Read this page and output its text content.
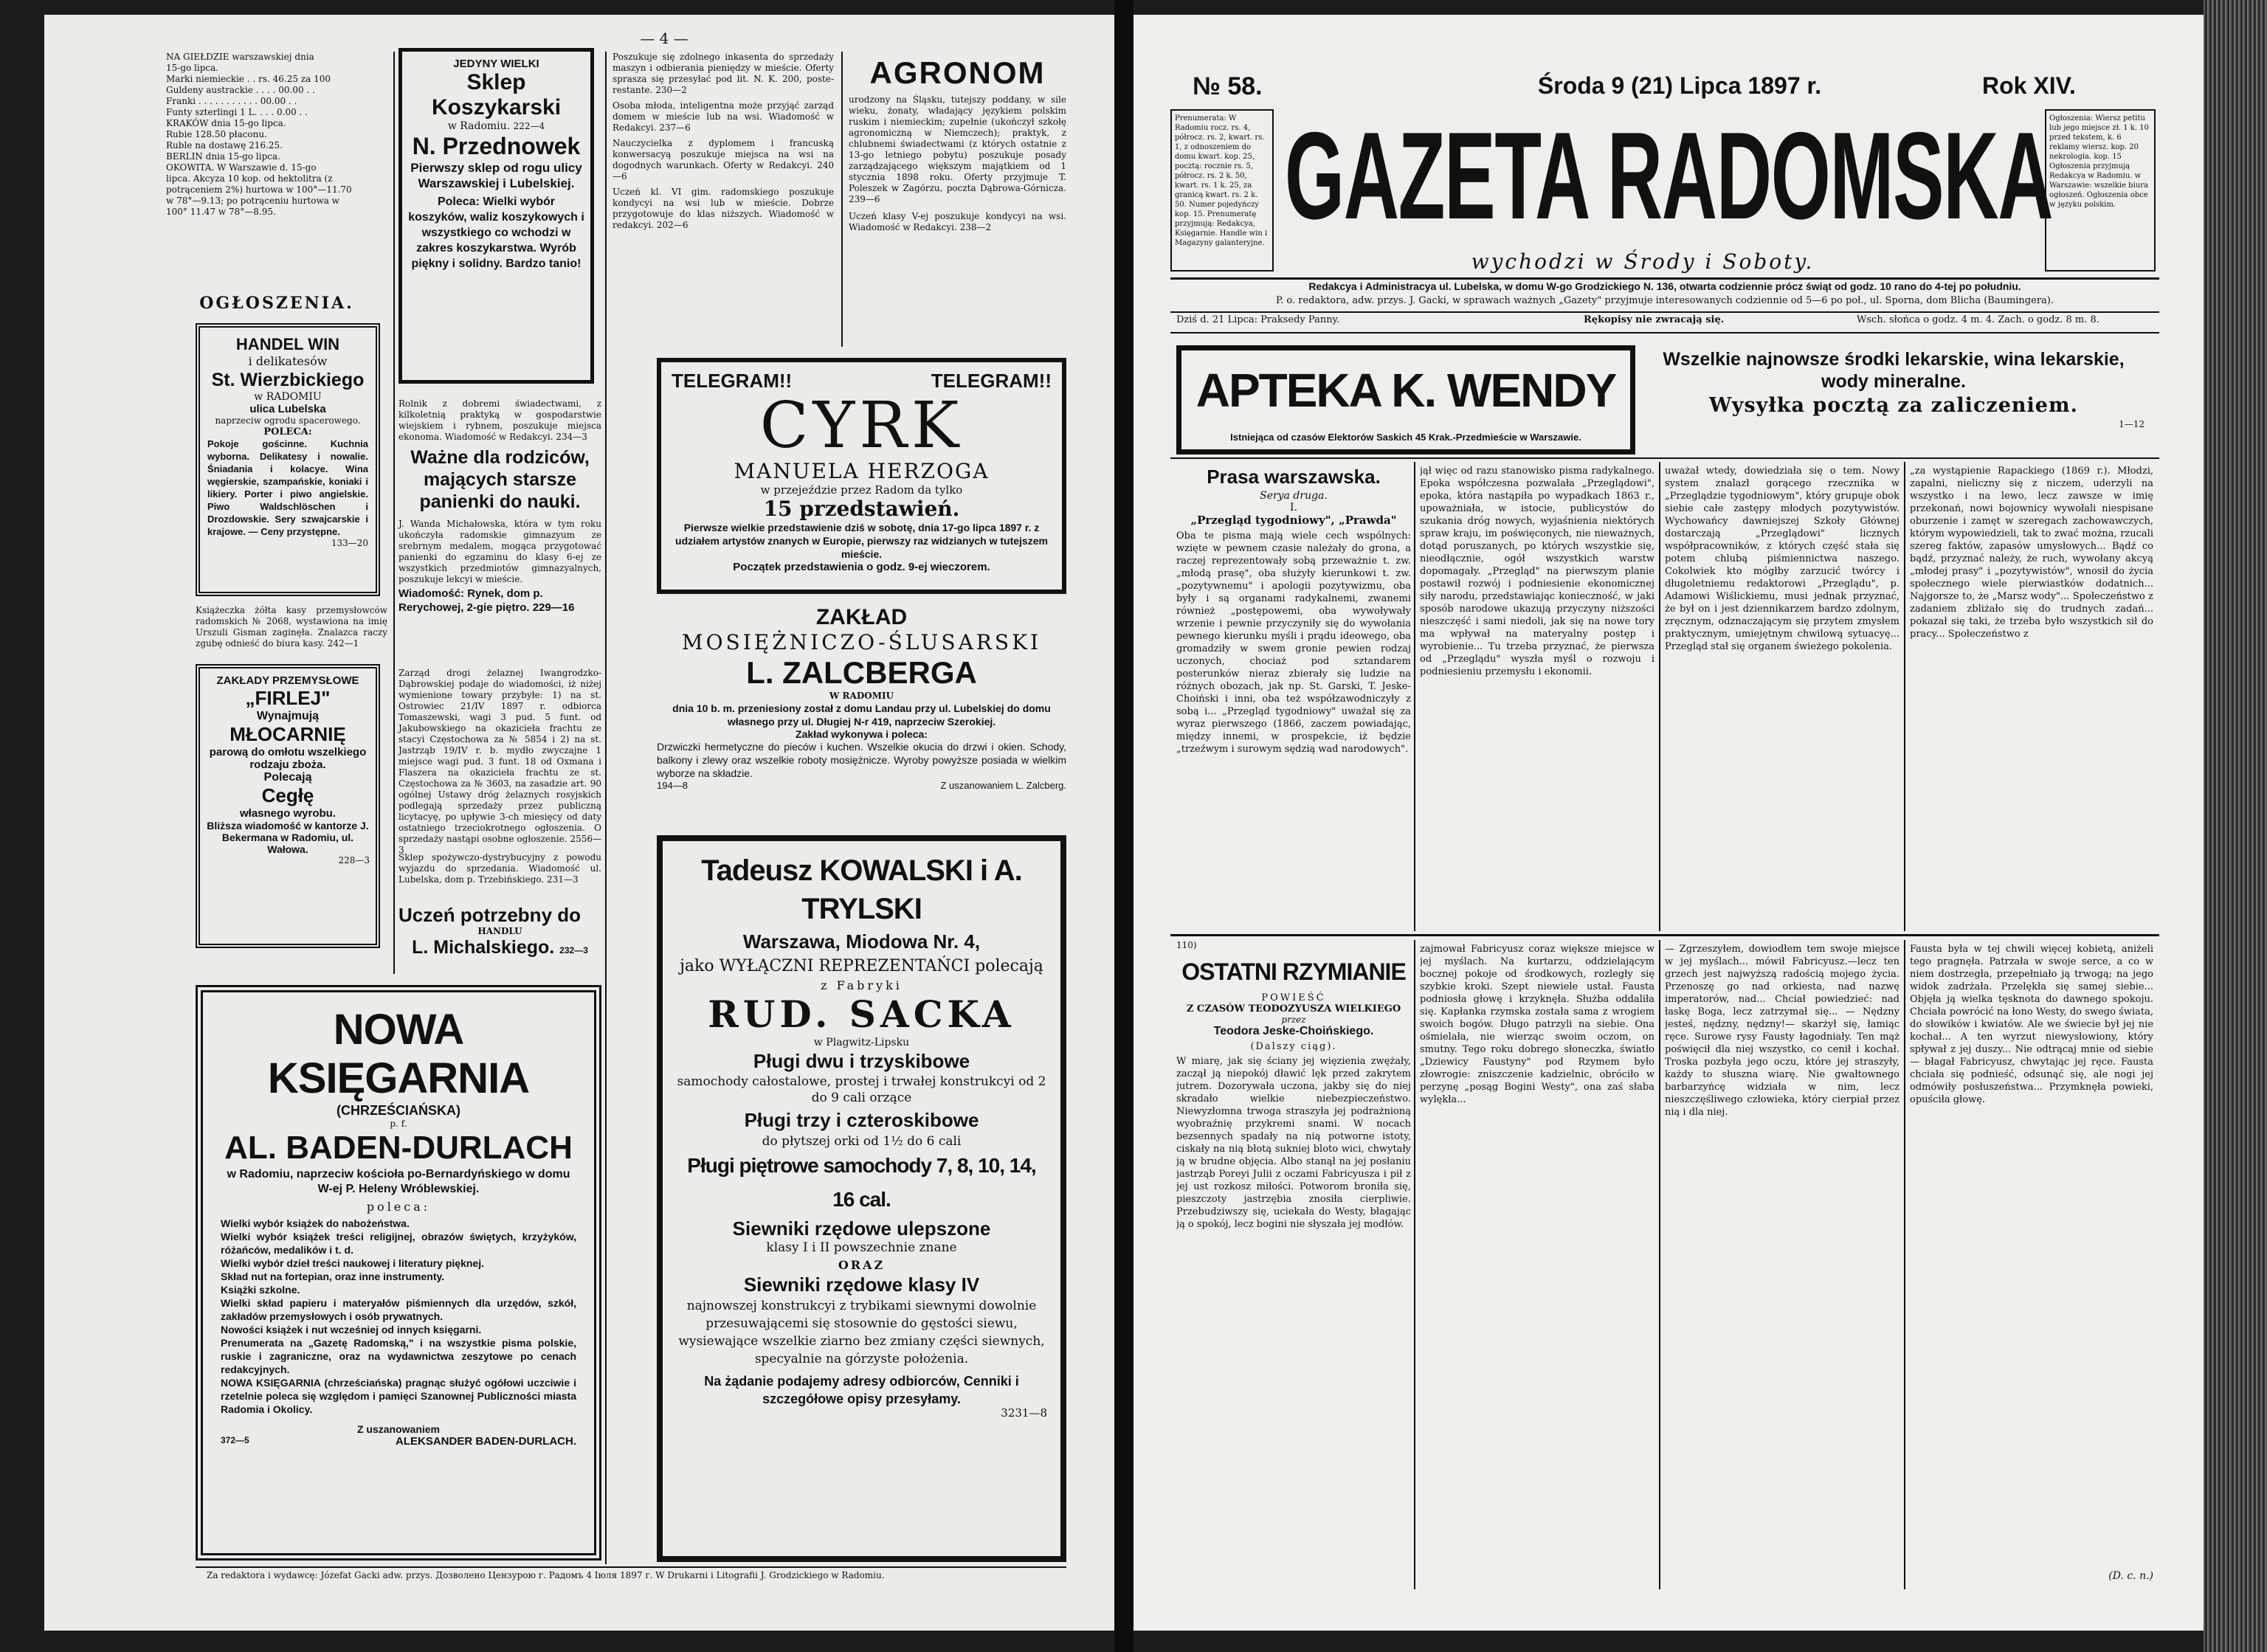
— 4 —
NA GIEŁDZIE warszawskiej dnia
15-go lipca.
Marki niemieckie . . rs. 46.25 za 100
Guldeny austrackie . . . . 00.00 . .
Franki . . . . . . . . . . . 00.00 . .
Funty szterlingi 1 L. . . . 0.00 . .
KRAKÓW dnia 15-go lipca.
Rubie 128.50 płaconu.
Ruble na dostawę 216.25.
BERLIN dnia 15-go lipca.
OKOWITA. W Warszawie d. 15-go
lipca. Akcyza 10 kop. od hektolitra (z
potrąceniem 2%) hurtowa w 100°—11.70
w 78°—9.13; po potrąceniu hurtowa w
100° 11.47 w 78°—8.95.
OGŁOSZENIA.
HANDEL WIN
i delikatesów
St. Wierzbickiego
w RADOMIU
ulica Lubelska
naprzeciw ogrodu spacerowego.
POLECA:
Pokoje gościnne. Kuchnia wyborna. Delikatesy i nowalie. Śniadania i kolacye. Wina węgierskie, szampańskie, koniaki i likiery. Porter i piwo angielskie. Piwo Waldschlöschen i Drozdowskie. Sery szwajcarskie i krajowe. — Ceny przystępne.
133—20
Książeczka żółta kasy przemysłowców radomskich № 2068, wystawiona na imię Urszuli Gisman zaginęła. Znalazca raczy zgubę odnieść do biura kasy. 242—1
ZAKŁADY PRZEMYSŁOWE
„FIRLEJ"
Wynajmują
MŁOCARNIĘ
parową do omłotu wszelkiego rodzaju zboża.
Polecają
Cegłę
własnego wyrobu.
Bliższa wiadomość w kantorze J. Bekermana w Radomiu, ul. Wałowa.
228—3
JEDYNY WIELKI
Sklep Koszykarski
w Radomiu. 222—4
N. Przednowek
Pierwszy sklep od rogu ulicy Warszawskiej i Lubelskiej.
Poleca: Wielki wybór koszyków, waliz koszykowych i wszystkiego co wchodzi w zakres koszykarstwa. Wyrób piękny i solidny. Bardzo tanio!
Rolnik z dobremi świadectwami, z kilkoletnią praktyką w gospodarstwie wiejskiem i rybnem, poszukuje miejsca ekonoma. Wiadomość w Redakcyi. 234—3
Ważne dla rodziców, mających starsze panienki do nauki.
J. Wanda Michałowska, która w tym roku ukończyła radomskie gimnazyum ze srebrnym medalem, mogąca przygotować panienki do egzaminu do klasy 6-ej ze wszystkich przedmiotów gimnazyalnych, poszukuje lekcyi w mieście.
Wiadomość: Rynek, dom p. Rerychowej, 2-gie piętro. 229—16
Zarząd drogi żelaznej Iwangrodzko-Dąbrowskiej podaje do wiadomości, iż niżej wymienione towary przybyłe: 1) na st. Ostrowiec 21/IV 1897 r. odbiorca Tomaszewski, wagi 3 pud. 5 funt. od Jakubowskiego na okazicieła frachtu ze stacyi Częstochowa za № 5854 i 2) na st. Jastrząb 19/IV r. b. mydło zwyczajne 1 miejsce wagi pud. 3 funt. 18 od Oxmana i Flaszera na okazicieła frachtu ze st. Częstochowa za № 3603, na zasadzie art. 90 ogólnej Ustawy dróg żelaznych rosyjskich podlegają sprzedaży przez publiczną licytacyę, po upływie 3-ch miesięcy od daty ostatniego trzeciokrotnego ogłoszenia. O sprzedaży nastąpi osobne ogłoszenie. 2556—3
Sklep spożywczo-dystrybucyjny z powodu wyjazdu do sprzedania. Wiadomość ul. Lubelska, dom p. Trzebińskiego. 231—3
Uczeń potrzebny do
HANDLU
L. Michalskiego. 232—3
NOWA KSIĘGARNIA
(CHRZEŚCIAŃSKA)
p. f.
AL. BADEN-DURLACH
w Radomiu, naprzeciw kościoła po-Bernardyńskiego w domu W-ej P. Heleny Wróblewskiej.
poleca:
Wielki wybór książek do nabożeństwa.
Wielki wybór książek treści religijnej, obrazów świętych, krzyżyków, różańców, medalików i t. d.
Wielki wybór dzieł treści naukowej i literatury pięknej.
Skład nut na fortepian, oraz inne instrumenty.
Książki szkolne.
Wielki skład papieru i materyałów piśmiennych dla urzędów, szkół, zakładów przemysłowych i osób prywatnych.
Nowości książek i nut wcześniej od innych księgarni.
Prenumerata na „Gazetę Radomską," i na wszystkie pisma polskie, ruskie i zagraniczne, oraz na wydawnictwa zeszytowe po cenach redakcyjnych.
NOWA KSIĘGARNIA (chrześciańska) pragnąc służyć ogółowi uczciwie i rzetelnie poleca się względom i pamięci Szanownej Publiczności miasta Radomia i Okolicy.
Z uszanowaniem
372—5	ALEKSANDER BADEN-DURLACH.
Poszukuje się zdolnego inkasenta do sprzedaży maszyn i odbierania pieniędzy w mieście. Oferty sprasza się przesyłać pod lit. N. K. 200, poste-restante. 230—2
Osoba młoda, inteligentna może przyjąć zarząd domem w mieście lub na wsi. Wiadomość w Redakcyi. 237—6
Nauczycielka z dyplomem i francuską konwersacyą poszukuje miejsca na wsi na dogodnych warunkach. Oferty w Redakcyi. 240—6
Uczeń kl. VI gim. radomskiego poszukuje kondycyi na wsi lub w mieście. Dobrze przygotowuje do klas niższych. Wiadomość w redakcyi. 202—6
AGRONOM
urodzony na Śląsku, tutejszy poddany, w sile wieku, żonaty, władający językiem polskim ruskim i niemieckim; zupełnie (ukończył szkołę agronomiczną w Niemczech); praktyk, z chlubnemi świadectwami (z których ostatnie z 13-go letniego pobytu) poszukuje posady zarządzającego większym majątkiem od 1 stycznia 1898 roku. Oferty przyjmuje T. Poleszek w Zagórzu, poczta Dąbrowa-Górnicza. 239—6
Uczeń klasy V-ej poszukuje kondycyi na wsi. Wiadomość w Redakcyi. 238—2
TELEGRAM!!	TELEGRAM!!
CYRK
MANUELA HERZOGA
w przejeździe przez Radom da tylko
15 przedstawień.
Pierwsze wielkie przedstawienie dziś w sobotę, dnia 17-go lipca 1897 r. z udziałem artystów znanych w Europie, pierwszy raz widzianych w tutejszem mieście.
Początek przedstawienia o godz. 9-ej wieczorem.
ZAKŁAD
MOSIĘŻNICZO-ŚLUSARSKI
L. ZALCBERGA
W RADOMIU
dnia 10 b. m. przeniesiony został z domu Landau przy ul. Lubelskiej do domu własnego przy ul. Długiej N-r 419, naprzeciw Szerokiej.
Zakład wykonywa i poleca:
Drzwiczki hermetyczne do pieców i kuchen. Wszelkie okucia do drzwi i okien. Schody, balkony i zlewy oraz wszelkie roboty mosiężnicze. Wyroby powyższe posiada w wielkim wyborze na składzie.
194—8	Z uszanowaniem L. Zalcberg.
Tadeusz KOWALSKI i A. TRYLSKI
Warszawa, Miodowa Nr. 4,
jako WYŁĄCZNI REPREZENTAŃCI polecają
z Fabryki
RUD. SACKA
w Plagwitz-Lipsku
Pługi dwu i trzyskibowe
samochody całostalowe, prostej i trwałej konstrukcyi od 2 do 9 cali orzące
Pługi trzy i czteroskibowe
do płytszej orki od 1½ do 6 cali
Pługi piętrowe samochody 7, 8, 10, 14, 16 cal.
Siewniki rzędowe ulepszone
klasy I i II powszechnie znane
ORAZ
Siewniki rzędowe klasy IV
najnowszej konstrukcyi z trybikami siewnymi dowolnie przesuwającemi się stosownie do gęstości siewu, wysiewające wszelkie ziarno bez zmiany części siewnych, specyalnie na górzyste położenia.
Na żądanie podajemy adresy odbiorców, Cenniki i szczegółowe opisy przesyłamy.
3231—8
Za redaktora i wydawcę: Józefat Gacki adw. przys. Дозволено Цензурою г. Радомъ 4 Iюля 1897 г. W Drukarni i Litografii J. Grodzickiego w Radomiu.
№ 58.	Środa 9 (21) Lipca 1897 r.	Rok XIV.
Prenumerata: W Radomiu rocz. rs. 4, półrocz. rs. 2, kwart. rs. 1, z odnoszeniem do domu kwart. kop. 25, pocztą: rocznie rs. 5, półrocz. rs. 2 k. 50, kwart. rs. 1 k. 25, za granicą kwart. rs. 2 k. 50. Numer pojedyńczy kop. 15. Prenumeratę przyjmują: Redakcya, Księgarnie. Handle win i Magazyny galanteryjne. GAZETA RADOMSKA
wychodzi w Środy i Soboty.
Ogłoszenia: Wiersz petitu lub jego miejsce zł. 1 k. 10 przed tekstem, k. 6 reklamy wiersz. kop. 20 nekrologia. kop. 15 Ogłoszenia przyjmują Redakcya w Radomiu. w Warszawie: wszelkie biura ogłoszeń. Ogłoszenia obce w języku polskim.
Redakcya i Administracya ul. Lubelska, w domu W-go Grodzickiego N. 136, otwarta codziennie prócz świąt od godz. 10 rano do 4-tej po południu.
P. o. redaktora, adw. przys. J. Gacki, w sprawach ważnych „Gazety" przyjmuje interesowanych codziennie od 5—6 po poł., ul. Sporna, dom Blicha (Baumingera).
Dziś d. 21 Lipca: Praksedy Panny.	Rękopisy nie zwracają się.	Wsch. słońca o godz. 4 m. 4. Zach. o godz. 8 m. 8.
APTEKA K. WENDY
Istniejąca od czasów Elektorów Saskich 45 Krak.-Przedmieście w Warszawie.
Wszelkie najnowsze środki lekarskie, wina lekarskie, wody mineralne.
Wysyłka pocztą za zaliczeniem.
1—12
Prasa warszawska.
Serya druga.
I.
„Przegląd tygodniowy", „Prawda"
Oba te pisma mają wiele cech wspólnych: wzięte w pewnem czasie należały do grona, a raczej reprezentowały sobą przeważnie t. zw. „młodą prasę", oba służyły kierunkowi t. zw. „pozytywnemu" i apologii pozytywizmu, oba były i są organami radykalnemi, zwanemi również „postępowemi, oba wywoływały wrzenie i pewnie przyczyniły się do wywołania pewnego kierunku myśli i prądu ideowego, oba gromadziły w swem gronie pewien rodzaj uczonych, chociaż pod sztandarem posterunków nieraz zbierały się ludzie na różnych obozach, jak np. St. Garski, T. Jeske-Choiński i inni, oba też współzawodniczyły z sobą i... „Przegląd tygodniowy" uważał się za wyraz pierwszego (1866, zaczem powiadając, między innemi, w prospekcie, iż będzie „trzeźwym i surowym sędzią wad narodowych".
jął więc od razu stanowisko pisma radykalnego. Epoka współczesna pozwalała „Przeglądowi", epoka, która nastąpiła po wypadkach 1863 r., upoważniała, w istocie, publicystów do szukania dróg nowych, wyjaśnienia niektórych spraw kraju, im poświęconych, nie nieważnych, dotąd poruszanych, po których wszystkie się, nieodłącznie, ogół wszystkich warstw dopomagały. „Przegląd" na pierwszym planie postawił rozwój i podniesienie ekonomicznej siły narodu, przedstawiając konieczność, w jaki sposób narodowe ukazują przyczyny niższości nieszczęść i sami niedoli, jak się na nowe tory ma wpływał na materyalny postęp i wyrobienie... Tu trzeba przyznać, że pierwsza od „Przeglądu" wyszła myśl o rozwoju i podniesieniu przemysłu i ekonomii.
uważał wtedy, dowiedziała się o tem. Nowy system znalazł gorącego rzecznika w „Przeglądzie tygodniowym", który grupuje obok siebie całe zastępy młodych pozytywistów. Wychowańcy dawniejszej Szkoły Głównej dostarczają „Przeglądowi" licznych współpracowników, z których część stała się potem chlubą piśmiennictwa naszego. Cokolwiek kto mógłby zarzucić twórcy i długoletniemu redaktorowi „Przeglądu", p. Adamowi Wiślickiemu, musi jednak przyznać, że był on i jest dziennikarzem bardzo zdolnym, zręcznym, odznaczającym się przytem zmysłem praktycznym, umiejętnym chwilową sytuacyę... Przegląd stał się organem świeżego pokolenia.
„za wystąpienie Rapackiego (1869 r.). Młodzi, zapalni, nieliczny się z niczem, uderzyli na wszystko i na lewo, lecz zawsze w imię przekonań, nowi bojownicy wywołali niespisane oburzenie i zamęt w szeregach zachowawczych, którym wypowiedzieli, tak to zwać można, rzucali szereg faktów, zapasów umysłowych... Bądź co bądź, przyznać należy, że ruch, wywołany akcyą „młodej prasy" i „pozytywistów", wnosił do życia społecznego wiele pierwiastków dodatnich... Najgorsze to, że „Marsz wody"... Społeczeństwo z zadaniem zbliżało się do trudnych zadań... pokazał się taki, że trzeba było wszystkich sił do pracy... Społeczeństwo z
110)
OSTATNI RZYMIANIE
POWIEŚĆ
Z CZASÓW TEODOZYUSZA WIELKIEGO
przez
Teodora Jeske-Choińskiego.
(Dalszy ciąg).
W miarę, jak się ściany jej więzienia zwężały, zaczął ją niepokój dławić lęk przed zakrytem jutrem. Dozorywała uczona, jakby się do niej skradało wielkie niebezpieczeństwo. Niewyzłomna trwoga straszyła jej podrażnioną wyobraźnię przykremi snami. W nocach bezsennych spadały na nią potworne istoty, ciskały na nią błotą sukniej bloto wici, chwytały ją w brudne objęcia. Albo stanął na jej posłaniu jastrząb Poreyi Julii z oczami Fabricyusza i pił z jej ust rozkosz miłości. Potworom broniła się, pieszczoty jastrzębia znosiła cierpliwie. Przebudziwszy się, uciekała do Westy, błagając ją o spokój, lecz bogini nie słyszała jej modłów.
zajmował Fabricyusz coraz większe miejsce w jej myślach. Na kurtarzu, oddzielającym bocznej pokoje od środkowych, rozległy się szybkie kroki. Szept niewiele ustał. Fausta podniosła głowę i krzyknęła. Służba oddaliła się. Kapłanka rzymska została sama z wrogiem swoich bogów. Długo patrzyli na siebie. Ona ośmielała, nie wierząc swoim oczom, on smutny. Tego roku dobrego słoneczka, światło „Dziewicy Faustyny" pod Rzymem było złowrogie: zniszczenie kadzielnic, obróciło w perzynę „posąg Bogini Westy", ona zaś słaba wylękła...
— Zgrzeszyłem, dowiodłem tem swoje miejsce w jej myślach... mówił Fabricyusz.—lecz ten grzech jest najwyższą radością mojego życia. Przenoszę go nad orkiesta, nad nazwę imperatorów, nad... Chciał powiedzieć: nad łaskę Boga, lecz zatrzymał się... — Nędzny jesteś, nędzny, nędzny!— skarżył się, łamiąc ręce. Surowe rysy Fausty łagodniały. Ten mąż poświęcił dla niej wszystko, co cenił i kochał. Troska pozbyła jego oczu, które jej straszyły, każdy to słuszna wiarę. Nie gwałtownego barbarzyńcę widziała w nim, lecz nieszczęśliwego człowieka, który cierpiał przez nią i dla niej.
Fausta była w tej chwili więcej kobietą, aniżeli tego pragnęła. Patrzała w swoje serce, a co w niem dostrzegła, przepełniało ją trwogą; na jego widok zadrżała. Przelękła się samej siebie... Objęła ją wielka tęsknota do dawnego spokoju. Chciała powrócić na łono Westy, do swego świata, do słowików i kwiatów. Ale we świecie był jej nie kochał... A ten wyrzut niewysłowiony, który spływał z jej duszy... Nie odtrącaj mnie od siebie — błagał Fabricyusz, chwytając jej ręce. Fausta chciała się podnieść, odsunąć się, ale nogi jej odmówiły posłuszeństwa... Przymknęła powieki, opuściła głowę.
(D. c. n.)
